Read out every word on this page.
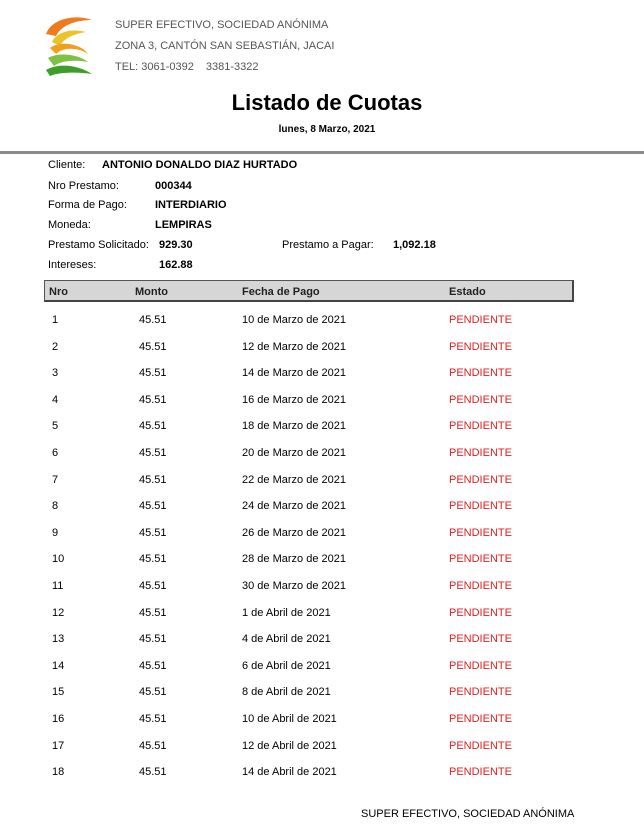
SUPER EFECTIVO, SOCIEDAD ANÓNIMA
ZONA 3, CANTÓN SAN SEBASTIÁN, JACAI
TEL: 3061-0392 3381-3322
Listado de Cuotas
lunes, 8 Marzo, 2021
Cliente: ANTONIO DONALDO DIAZ HURTADO
Nro Prestamo:	000344
Forma de Pago:	INTERDIARIO
Moneda:	LEMPIRAS
Prestamo Solicitado: 929.30	Prestamo a Pagar: 1,092.18
Intereses:	162.88
Nro	Monto	Fecha de Pago	Estado
1	45.51	10 de Marzo de 2021	PENDIENTE
2	45.51	12 de Marzo de 2021	PENDIENTE
3	45.51	14 de Marzo de 2021	PENDIENTE
4	45.51	16 de Marzo de 2021	PENDIENTE
5	45.51	18 de Marzo de 2021	PENDIENTE
6	45.51	20 de Marzo de 2021	PENDIENTE
7	45.51	22 de Marzo de 2021	PENDIENTE
8	45.51	24 de Marzo de 2021	PENDIENTE
9	45.51	26 de Marzo de 2021	PENDIENTE
10	45.51	28 de Marzo de 2021	PENDIENTE
11	45.51	30 de Marzo de 2021	PENDIENTE
12	45.51	1 de Abril de 2021	PENDIENTE
13	45.51	4 de Abril de 2021	PENDIENTE
14	45.51	6 de Abril de 2021	PENDIENTE
15	45.51	8 de Abril de 2021	PENDIENTE
16	45.51	10 de Abril de 2021	PENDIENTE
17	45.51	12 de Abril de 2021	PENDIENTE
18	45.51	14 de Abril de 2021	PENDIENTE
SUPER EFECTIVO, SOCIEDAD ANÓNIMA
